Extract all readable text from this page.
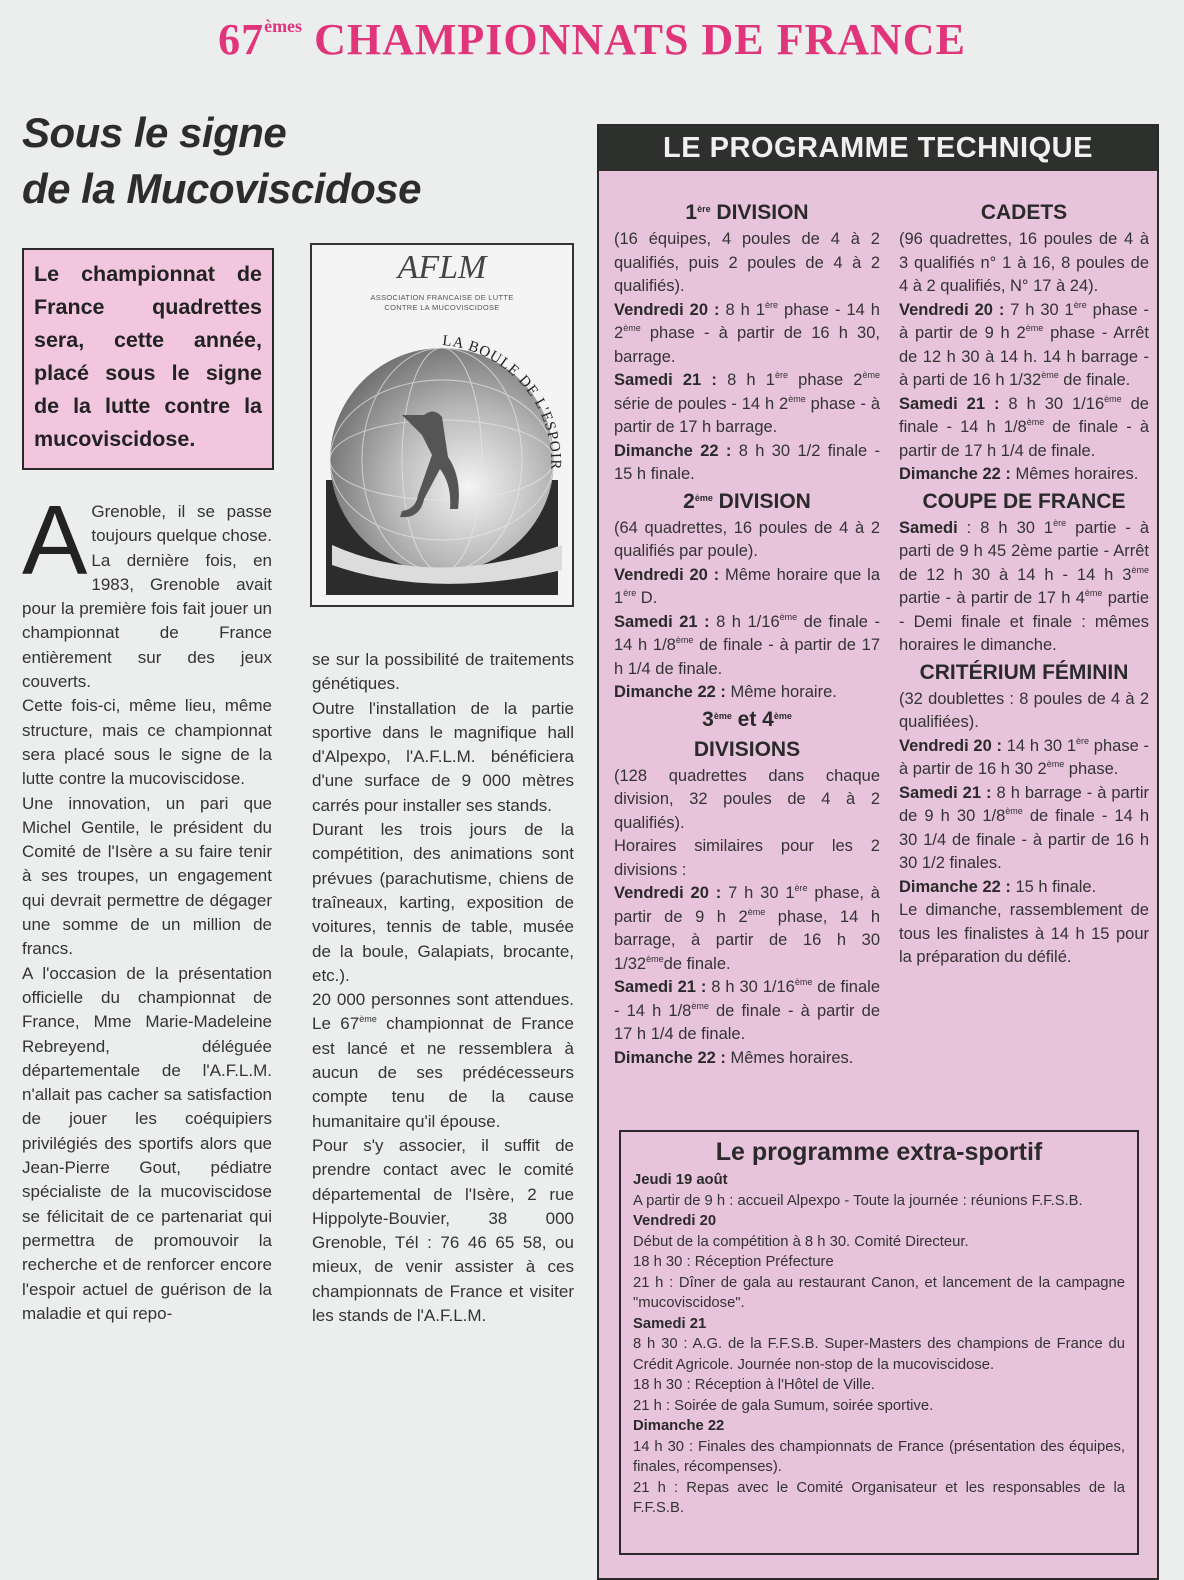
67èmes CHAMPIONNATS DE FRANCE
Sous le signe
de la Mucoviscidose
Le championnat de France quadrettes sera, cette année, placé sous le signe de la lutte contre la mucoviscidose.
AFLM
ASSOCIATION FRANCAISE DE LUTTE
CONTRE LA MUCOVISCIDOSE
LA BOULE DE L'ESPOIR

A Grenoble, il se passe toujours quelque chose. La dernière fois, en 1983, Grenoble avait pour la première fois fait jouer un championnat de France entièrement sur des jeux couverts.

Cette fois-ci, même lieu, même structure, mais ce championnat sera placé sous le signe de la lutte contre la mucoviscidose.

Une innovation, un pari que Michel Gentile, le président du Comité de l'Isère a su faire tenir à ses troupes, un engagement qui devrait permettre de dégager une somme de un million de francs.

A l'occasion de la présentation officielle du championnat de France, Mme Marie-Madeleine Rebreyend, déléguée départementale de l'A.F.L.M. n'allait pas cacher sa satisfaction de jouer les coéquipiers privilégiés des sportifs alors que Jean-Pierre Gout, pédiatre spécialiste de la mucoviscidose se félicitait de ce partenariat qui permettra de promouvoir la recherche et de renforcer encore l'espoir actuel de guérison de la maladie et qui repo-

se sur la possibilité de traitements génétiques.

Outre l'installation de la partie sportive dans le magnifique hall d'Alpexpo, l'A.F.L.M. bénéficiera d'une surface de 9 000 mètres carrés pour installer ses stands.

Durant les trois jours de la compétition, des animations sont prévues (parachutisme, chiens de traîneaux, karting, exposition de voitures, tennis de table, musée de la boule, Galapiats, brocante, etc.).

20 000 personnes sont attendues. Le 67ème championnat de France est lancé et ne ressemblera à aucun de ses prédécesseurs compte tenu de la cause humanitaire qu'il épouse.

Pour s'y associer, il suffit de prendre contact avec le comité départemental de l'Isère, 2 rue Hippolyte-Bouvier, 38 000 Grenoble, Tél : 76 46 65 58, ou mieux, de venir assister à ces championnats de France et visiter les stands de l'A.F.L.M.

LE PROGRAMME TECHNIQUE
1ère DIVISION

(16 équipes, 4 poules de 4 à 2 qualifiés, puis 2 poules de 4 à 2 qualifiés).

Vendredi 20 : 8 h 1ère phase - 14 h 2ème phase - à partir de 16 h 30, barrage.

Samedi 21 : 8 h 1ère phase 2ème série de poules - 14 h 2ème phase - à partir de 17 h barrage.

Dimanche 22 : 8 h 30 1/2 finale - 15 h finale.

2ème DIVISION

(64 quadrettes, 16 poules de 4 à 2 qualifiés par poule).

Vendredi 20 : Même horaire que la 1ère D.

Samedi 21 : 8 h 1/16ème de finale - 14 h 1/8ème de finale - à partir de 17 h 1/4 de finale.

Dimanche 22 : Même horaire.

3ème et 4ème
DIVISIONS

(128 quadrettes dans chaque division, 32 poules de 4 à 2 qualifiés).

Horaires similaires pour les 2 divisions :

Vendredi 20 : 7 h 30 1ère phase, à partir de 9 h 2ème phase, 14 h barrage, à partir de 16 h 30 1/32èmede finale.

Samedi 21 : 8 h 30 1/16ème de finale - 14 h 1/8ème de finale - à partir de 17 h 1/4 de finale.

Dimanche 22 : Mêmes horaires.

CADETS

(96 quadrettes, 16 poules de 4 à 3 qualifiés n° 1 à 16, 8 poules de 4 à 2 qualifiés, N° 17 à 24).

Vendredi 20 : 7 h 30 1ère phase - à partir de 9 h 2ème phase - Arrêt de 12 h 30 à 14 h. 14 h barrage - à parti de 16 h 1/32ème de finale.

Samedi 21 : 8 h 30 1/16ème de finale - 14 h 1/8ème de finale - à partir de 17 h 1/4 de finale.

Dimanche 22 : Mêmes horaires.

COUPE DE FRANCE

Samedi : 8 h 30 1ère partie - à parti de 9 h 45 2ème partie - Arrêt de 12 h 30 à 14 h - 14 h 3ème partie - à partir de 17 h 4ème partie - Demi finale et finale : mêmes horaires le dimanche.

CRITÉRIUM FÉMININ

(32 doublettes : 8 poules de 4 à 2 qualifiées).

Vendredi 20 : 14 h 30 1ère phase - à partir de 16 h 30 2ème phase.

Samedi 21 : 8 h barrage - à partir de 9 h 30 1/8ème de finale - 14 h 30 1/4 de finale - à partir de 16 h 30 1/2 finales.

Dimanche 22 : 15 h finale.

Le dimanche, rassemblement de tous les finalistes à 14 h 15 pour la préparation du défilé.

Le programme extra-sportif

Jeudi 19 août

A partir de 9 h : accueil Alpexpo - Toute la journée : réunions F.F.S.B.

Vendredi 20

Début de la compétition à 8 h 30. Comité Directeur.

18 h 30 : Réception Préfecture

21 h : Dîner de gala au restaurant Canon, et lancement de la campagne "mucoviscidose".

Samedi 21

8 h 30 : A.G. de la F.F.S.B. Super-Masters des champions de France du Crédit Agricole. Journée non-stop de la mucoviscidose.

18 h 30 : Réception à l'Hôtel de Ville.

21 h : Soirée de gala Sumum, soirée sportive.

Dimanche 22

14 h 30 : Finales des championnats de France (présentation des équipes, finales, récompenses).

21 h : Repas avec le Comité Organisateur et les responsables de la F.F.S.B.
